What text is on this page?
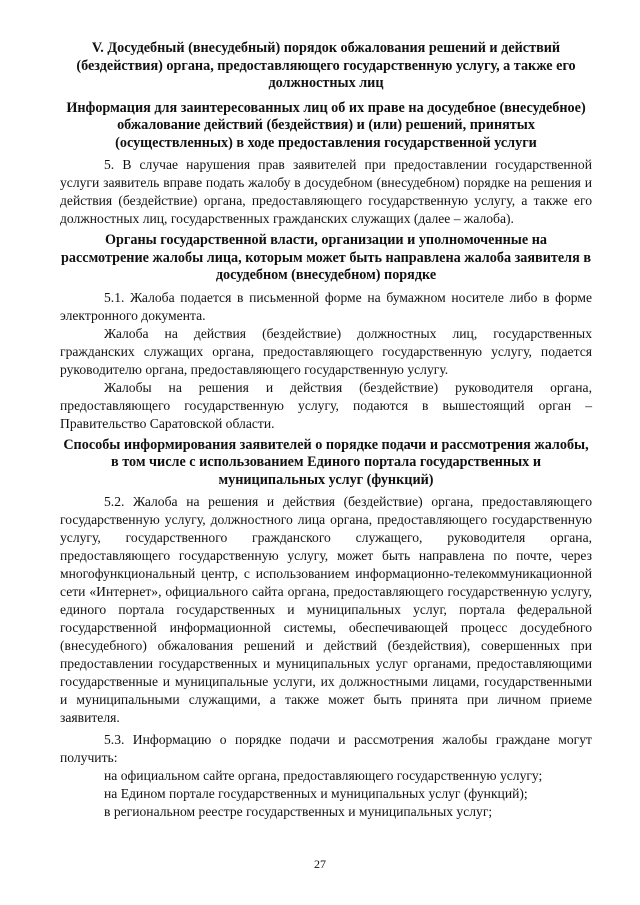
V. Досудебный (внесудебный) порядок обжалования решений и действий (бездействия) органа, предоставляющего государственную услугу, а также его должностных лиц
Информация для заинтересованных лиц об их праве на досудебное (внесудебное) обжалование действий (бездействия) и (или) решений, принятых (осуществленных) в ходе предоставления государственной услуги

5. В случае нарушения прав заявителей при предоставлении государственной услуги заявитель вправе подать жалобу в досудебном (внесудебном) порядке на решения и действия (бездействие) органа, предоставляющего государственную услугу, а также его должностных лиц, государственных гражданских служащих (далее – жалоба).

Органы государственной власти, организации и уполномоченные на рассмотрение жалобы лица, которым может быть направлена жалоба заявителя в досудебном (внесудебном) порядке

5.1. Жалоба подается в письменной форме на бумажном носителе либо в форме электронного документа.

Жалоба на действия (бездействие) должностных лиц, государственных гражданских служащих органа, предоставляющего государственную услугу, подается руководителю органа, предоставляющего государственную услугу.

Жалобы на решения и действия (бездействие) руководителя органа, предоставляющего государственную услугу, подаются в вышестоящий орган – Правительство Саратовской области.

Способы информирования заявителей о порядке подачи и рассмотрения жалобы, в том числе с использованием Единого портала государственных и муниципальных услуг (функций)

5.2. Жалоба на решения и действия (бездействие) органа, предоставляющего государственную услугу, должностного лица органа, предоставляющего государственную услугу, государственного гражданского служащего, руководителя органа, предоставляющего государственную услугу, может быть направлена по почте, через многофункциональный центр, с использованием информационно-телекоммуникационной сети «Интернет», официального сайта органа, предоставляющего государственную услугу, единого портала государственных и муниципальных услуг, портала федеральной государственной информационной системы, обеспечивающей процесс досудебного (внесудебного) обжалования решений и действий (бездействия), совершенных при предоставлении государственных и муниципальных услуг органами, предоставляющими государственные и муниципальные услуги, их должностными лицами, государственными и муниципальными служащими, а также может быть принята при личном приеме заявителя.

5.3. Информацию о порядке подачи и рассмотрения жалобы граждане могут получить:

на официальном сайте органа, предоставляющего государственную услугу;

на Едином портале государственных и муниципальных услуг (функций);

в региональном реестре государственных и муниципальных услуг;

27
